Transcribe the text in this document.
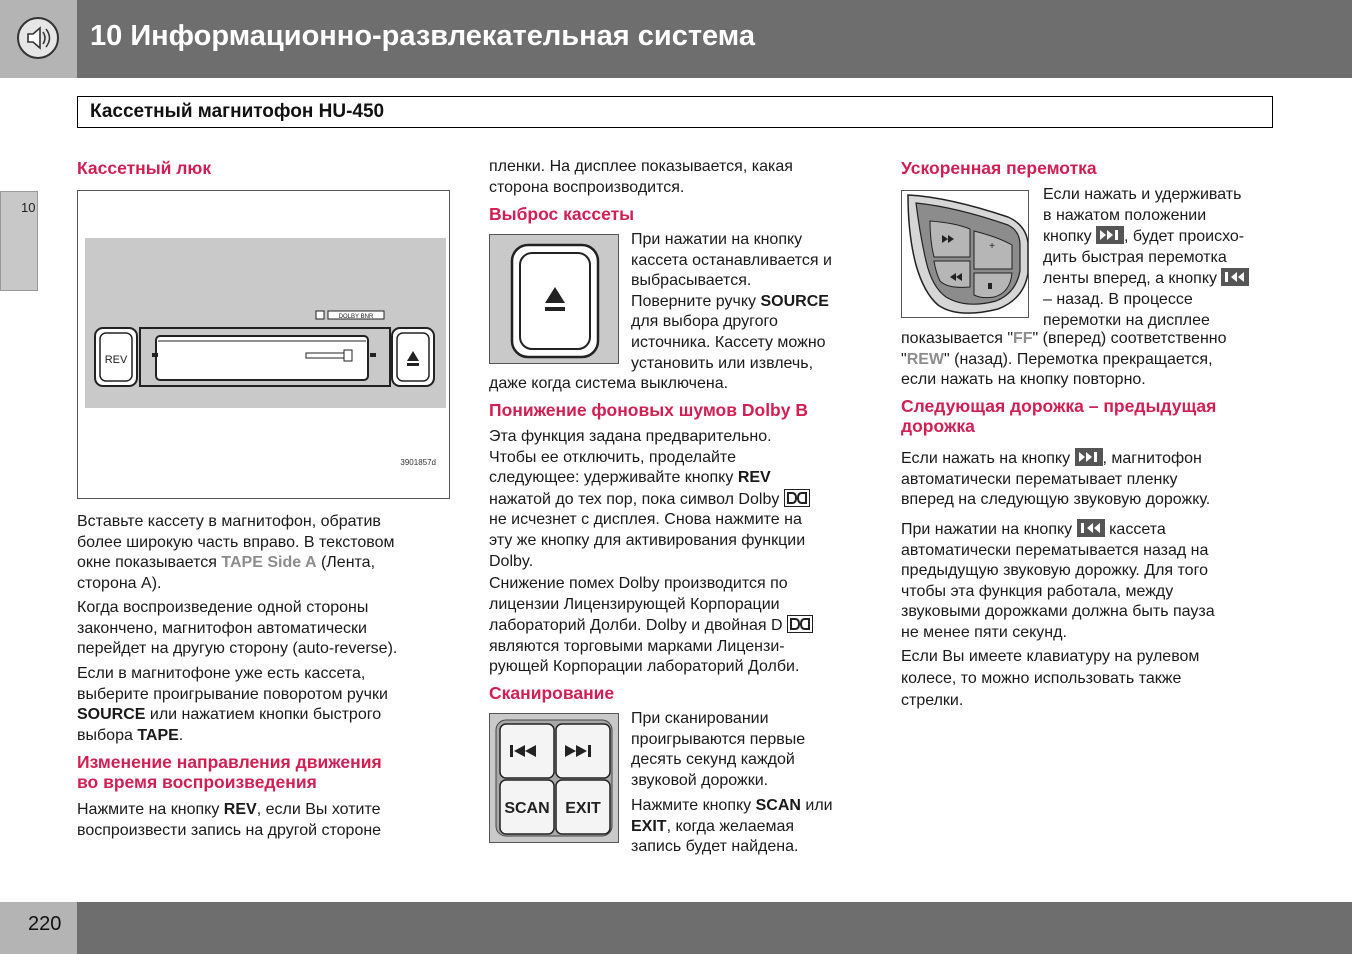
10 Информационно-развлекательная система
Кассетный магнитофон HU-450
10
Кассетный люк
DOLBY BNR
REV
3901857d
Вставьте кассету в магнитофон, обратив
более широкую часть вправо. В текстовом
окне показывается TAPE Side A (Лента,
сторона A).
Когда воспроизведение одной стороны
закончено, магнитофон автоматически
перейдет на другую сторону (auto-reverse).
Если в магнитофоне уже есть кассета,
выберите проигрывание поворотом ручки
SOURCE или нажатием кнопки быстрого
выбора TAPE.
Изменение направления движения
во время воспроизведения
Нажмите на кнопку REV, если Вы хотите
воспроизвести запись на другой стороне
пленки. На дисплее показывается, какая
сторона воспроизводится.
Выброс кассеты
При нажатии на кнопку
кассета останавливается и
выбрасывается.
Поверните ручку SOURCE
для выбора другого
источника. Кассету можно
установить или извлечь,
даже когда система выключена.
Понижение фоновых шумов Dolby B
Эта функция задана предварительно.
Чтобы ее отключить, проделайте
следующее: удерживайте кнопку REV
нажатой до тех пор, пока символ Dolby
не исчезнет с дисплея. Снова нажмите на
эту же кнопку для активирования функции
Dolby.
Снижение помех Dolby производится по
лицензии Лицензирующей Корпорации
лабораторий Долби. Dolby и двойная D
являются торговыми марками Лицензи-
рующей Корпорации лабораторий Долби.
Сканирование
SCAN EXIT
При сканировании
проигрываются первые
десять секунд каждой
звуковой дорожки.
Нажмите кнопку SCAN или
EXIT, когда желаемая
запись будет найдена.
Ускоренная перемотка
+
Если нажать и удерживать
в нажатом положении
кнопку
, будет происхо-
дить быстрая перемотка
ленты вперед, а кнопку

– назад. В процессе
перемотки на дисплее
показывается "FF" (вперед) соответственно
"REW" (назад). Перемотка прекращается,
если нажать на кнопку повторно.
Следующая дорожка – предыдущая
дорожка
Если нажать на кнопку
, магнитофон
автоматически перематывает пленку
вперед на следующую звуковую дорожку.
При нажатии на кнопку
кассета
автоматически перематывается назад на
предыдущую звуковую дорожку. Для того
чтобы эта функция работала, между
звуковыми дорожками должна быть пауза
не менее пяти секунд.
Если Вы имеете клавиатуру на рулевом
колесе, то можно использовать также
стрелки.
220
